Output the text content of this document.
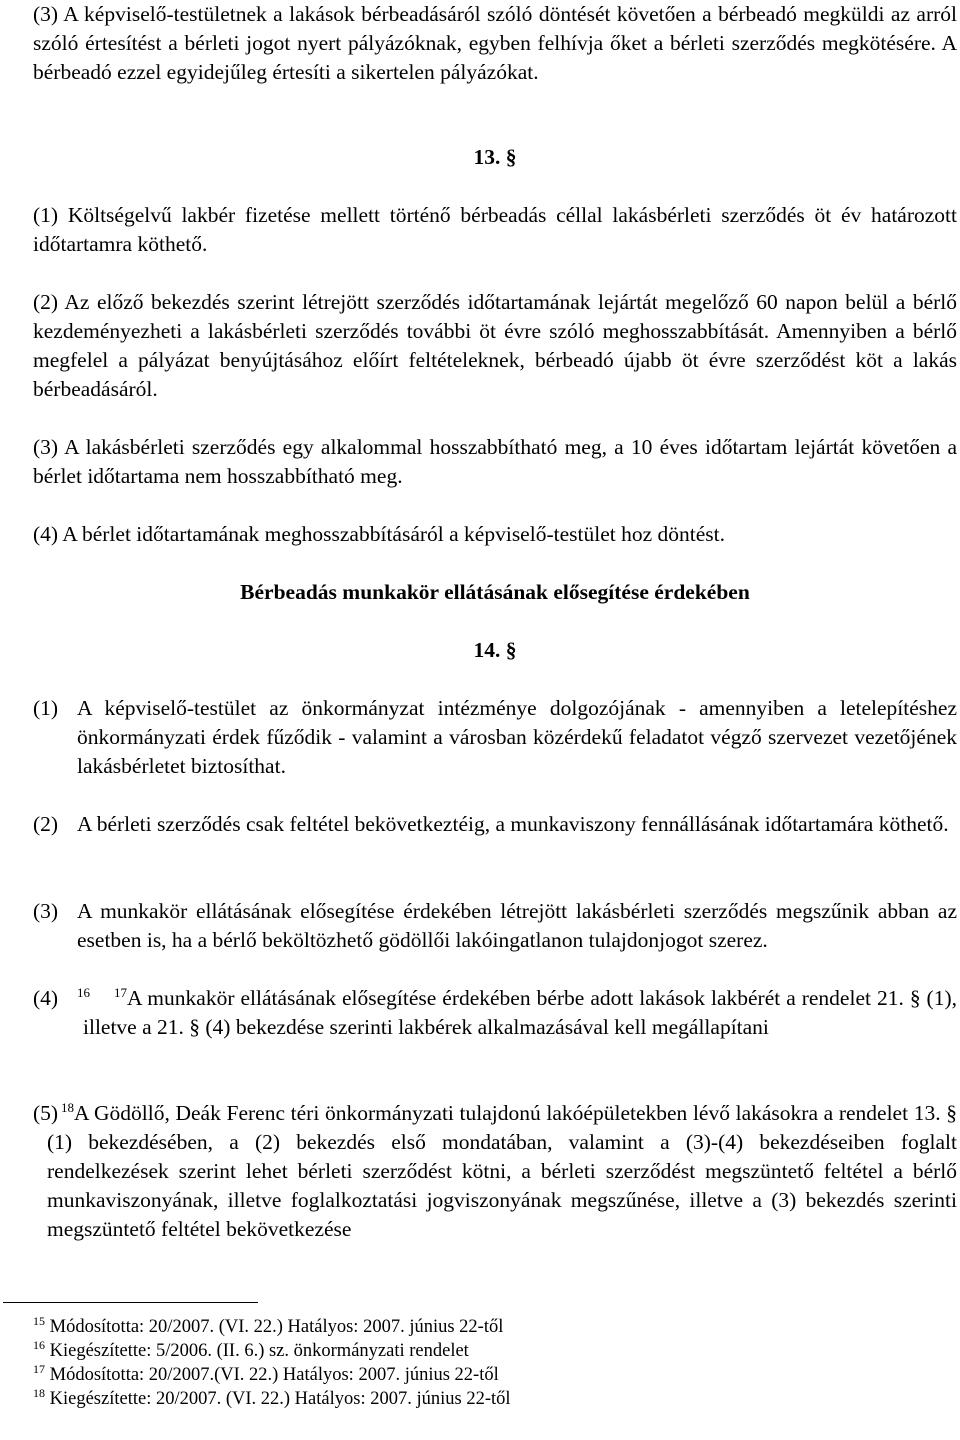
(3) A képviselő-testületnek a lakások bérbeadásáról szóló döntését követően a bérbeadó megküldi az arról szóló értesítést a bérleti jogot nyert pályázóknak, egyben felhívja őket a bérleti szerződés megkötésére. A bérbeadó ezzel egyidejűleg értesíti a sikertelen pályázókat.

13. §

(1) Költségelvű lakbér fizetése mellett történő bérbeadás céllal lakásbérleti szerződés öt év határozott időtartamra köthető.

(2) Az előző bekezdés szerint létrejött szerződés időtartamának lejártát megelőző 60 napon belül a bérlő kezdeményezheti a lakásbérleti szerződés további öt évre szóló meghosszabbítását. Amennyiben a bérlő megfelel a pályázat benyújtásához előírt feltételeknek, bérbeadó újabb öt évre szerződést köt a lakás bérbeadásáról.

(3) A lakásbérleti szerződés egy alkalommal hosszabbítható meg, a 10 éves időtartam lejártát követően a bérlet időtartama nem hosszabbítható meg.

(4) A bérlet időtartamának meghosszabbításáról a képviselő-testület hoz döntést.

Bérbeadás munkakör ellátásának elősegítése érdekében

14. §

(1) A képviselő-testület az önkormányzat intézménye dolgozójának - amennyiben a letelepítéshez önkormányzati érdek fűződik - valamint a városban közérdekű feladatot végző szervezet vezetőjének lakásbérletet biztosíthat.
(2) A bérleti szerződés csak feltétel bekövetkeztéig, a munkaviszony fennállásának időtartamára köthető.
(3) A munkakör ellátásának elősegítése érdekében létrejött lakásbérleti szerződés megszűnik abban az esetben is, ha a bérlő beköltözhető gödöllői lakóingatlanon tulajdonjogot szerez.
(4)	$^{16}$ $^{17}$A munkakör ellátásának elősegítése érdekében bérbe adott lakások lakbérét a rendelet 21. § (1), illetve a 21. § (4) bekezdése szerinti lakbérek alkalmazásával kell megállapítani
(5) $^{18}$A Gödöllő, Deák Ferenc téri önkormányzati tulajdonú lakóépületekben lévő lakásokra a rendelet 13. § (1) bekezdésében, a (2) bekezdés első mondatában, valamint a (3)-(4) bekezdéseiben foglalt rendelkezések szerint lehet bérleti szerződést kötni, a bérleti szerződést megszüntető feltétel a bérlő munkaviszonyának, illetve foglalkoztatási jogviszonyának megszűnése, illetve a (3) bekezdés szerinti megszüntető feltétel bekövetkezése

$^{15}$ Módosította: 20/2007. (VI. 22.) Hatályos: 2007. június 22-től

$^{16}$ Kiegészítette: 5/2006. (II. 6.) sz. önkormányzati rendelet

$^{17}$ Módosította: 20/2007.(VI. 22.) Hatályos: 2007. június 22-től

$^{18}$ Kiegészítette: 20/2007. (VI. 22.) Hatályos: 2007. június 22-től
